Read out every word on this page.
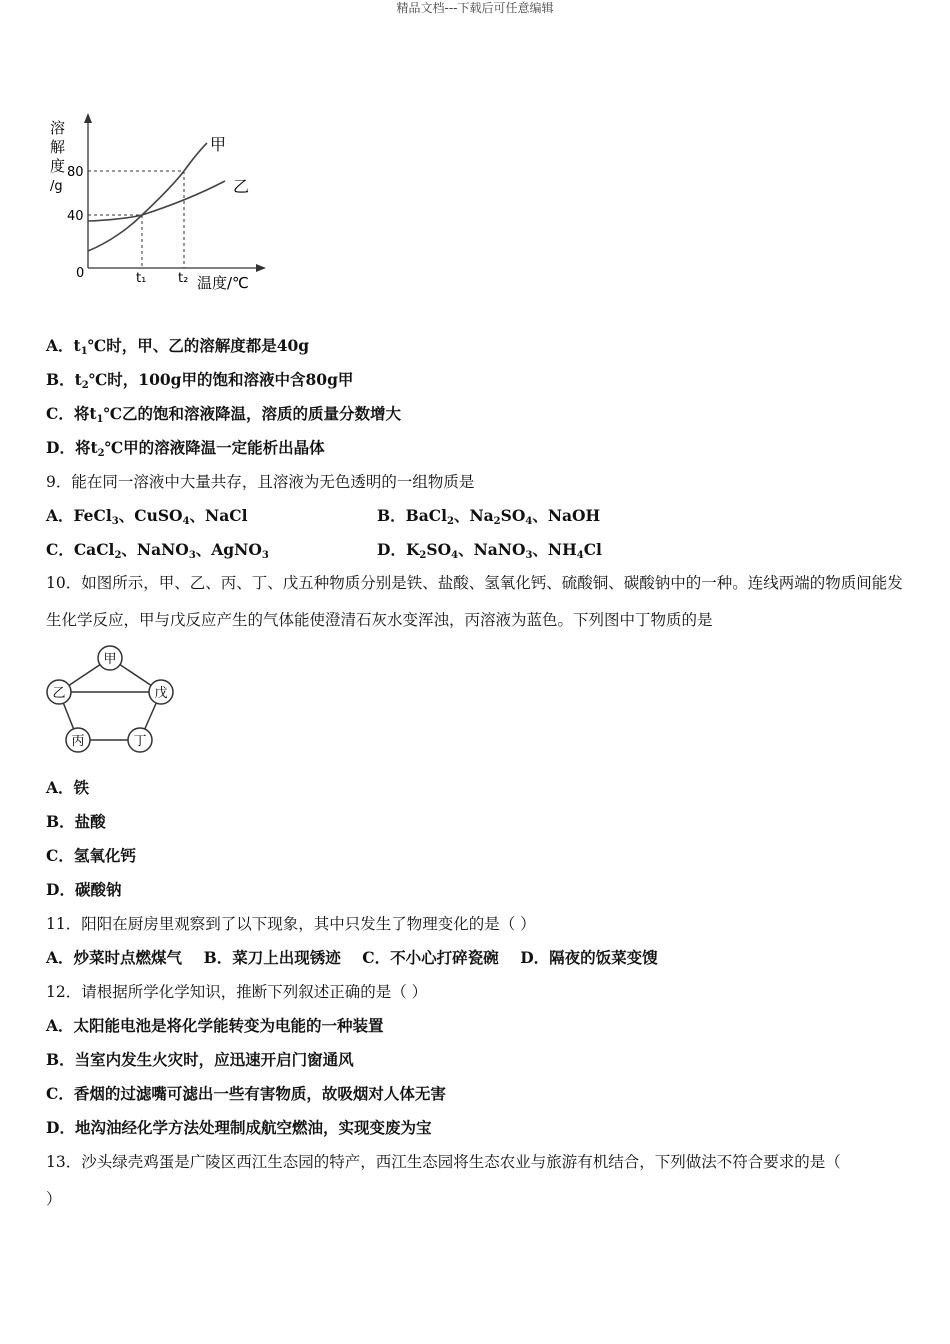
精品文档---下载后可任意编辑
溶
解
度
/g
80
40
0	t₁ t₂ 温度/℃
甲
乙
A．$t_1℃$时，甲、乙的溶解度都是40g
B．$t_2℃$时，100g甲的饱和溶液中含80g甲
C．将$t_1℃$乙的饱和溶液降温，溶质的质量分数增大
D．将$t_2℃$甲的溶液降温一定能析出晶体
9．能在同一溶液中大量共存，且溶液为无色透明的一组物质是
A．FeCl$_3$、CuSO$_4$、NaCl	B．BaCl$_2$、$Na_2SO_4$、NaOH
C．CaCl$_2$、NaNO$_3$、AgNO$_3$	D．$K_2SO_4$、NaNO$_3$、$NH_4Cl$
10．如图所示，甲、乙、丙、丁、戊五种物质分别是铁、盐酸、氢氧化钙、硫酸铜、碳酸钠中的一种。连线两端的物质间能发生化学反应，甲与戊反应产生的气体能使澄清石灰水变浑浊，丙溶液为蓝色。下列图中丁物质的是
甲
乙	戊
丙	丁
A．铁
B．盐酸
C．氢氧化钙
D．碳酸钠
11．阳阳在厨房里观察到了以下现象，其中只发生了物理变化的是（ ）
A．炒菜时点燃煤气    B．菜刀上出现锈迹    C．不小心打碎瓷碗    D．隔夜的饭菜变馊
12．请根据所学化学知识，推断下列叙述正确的是（ ）
A．太阳能电池是将化学能转变为电能的一种装置
B．当室内发生火灾时，应迅速开启门窗通风
C．香烟的过滤嘴可滤出一些有害物质，故吸烟对人体无害
D．地沟油经化学方法处理制成航空燃油，实现变废为宝
13．沙头绿壳鸡蛋是广陵区西江生态园的特产，西江生态园将生态农业与旅游有机结合，下列做法不符合要求的是（
）
